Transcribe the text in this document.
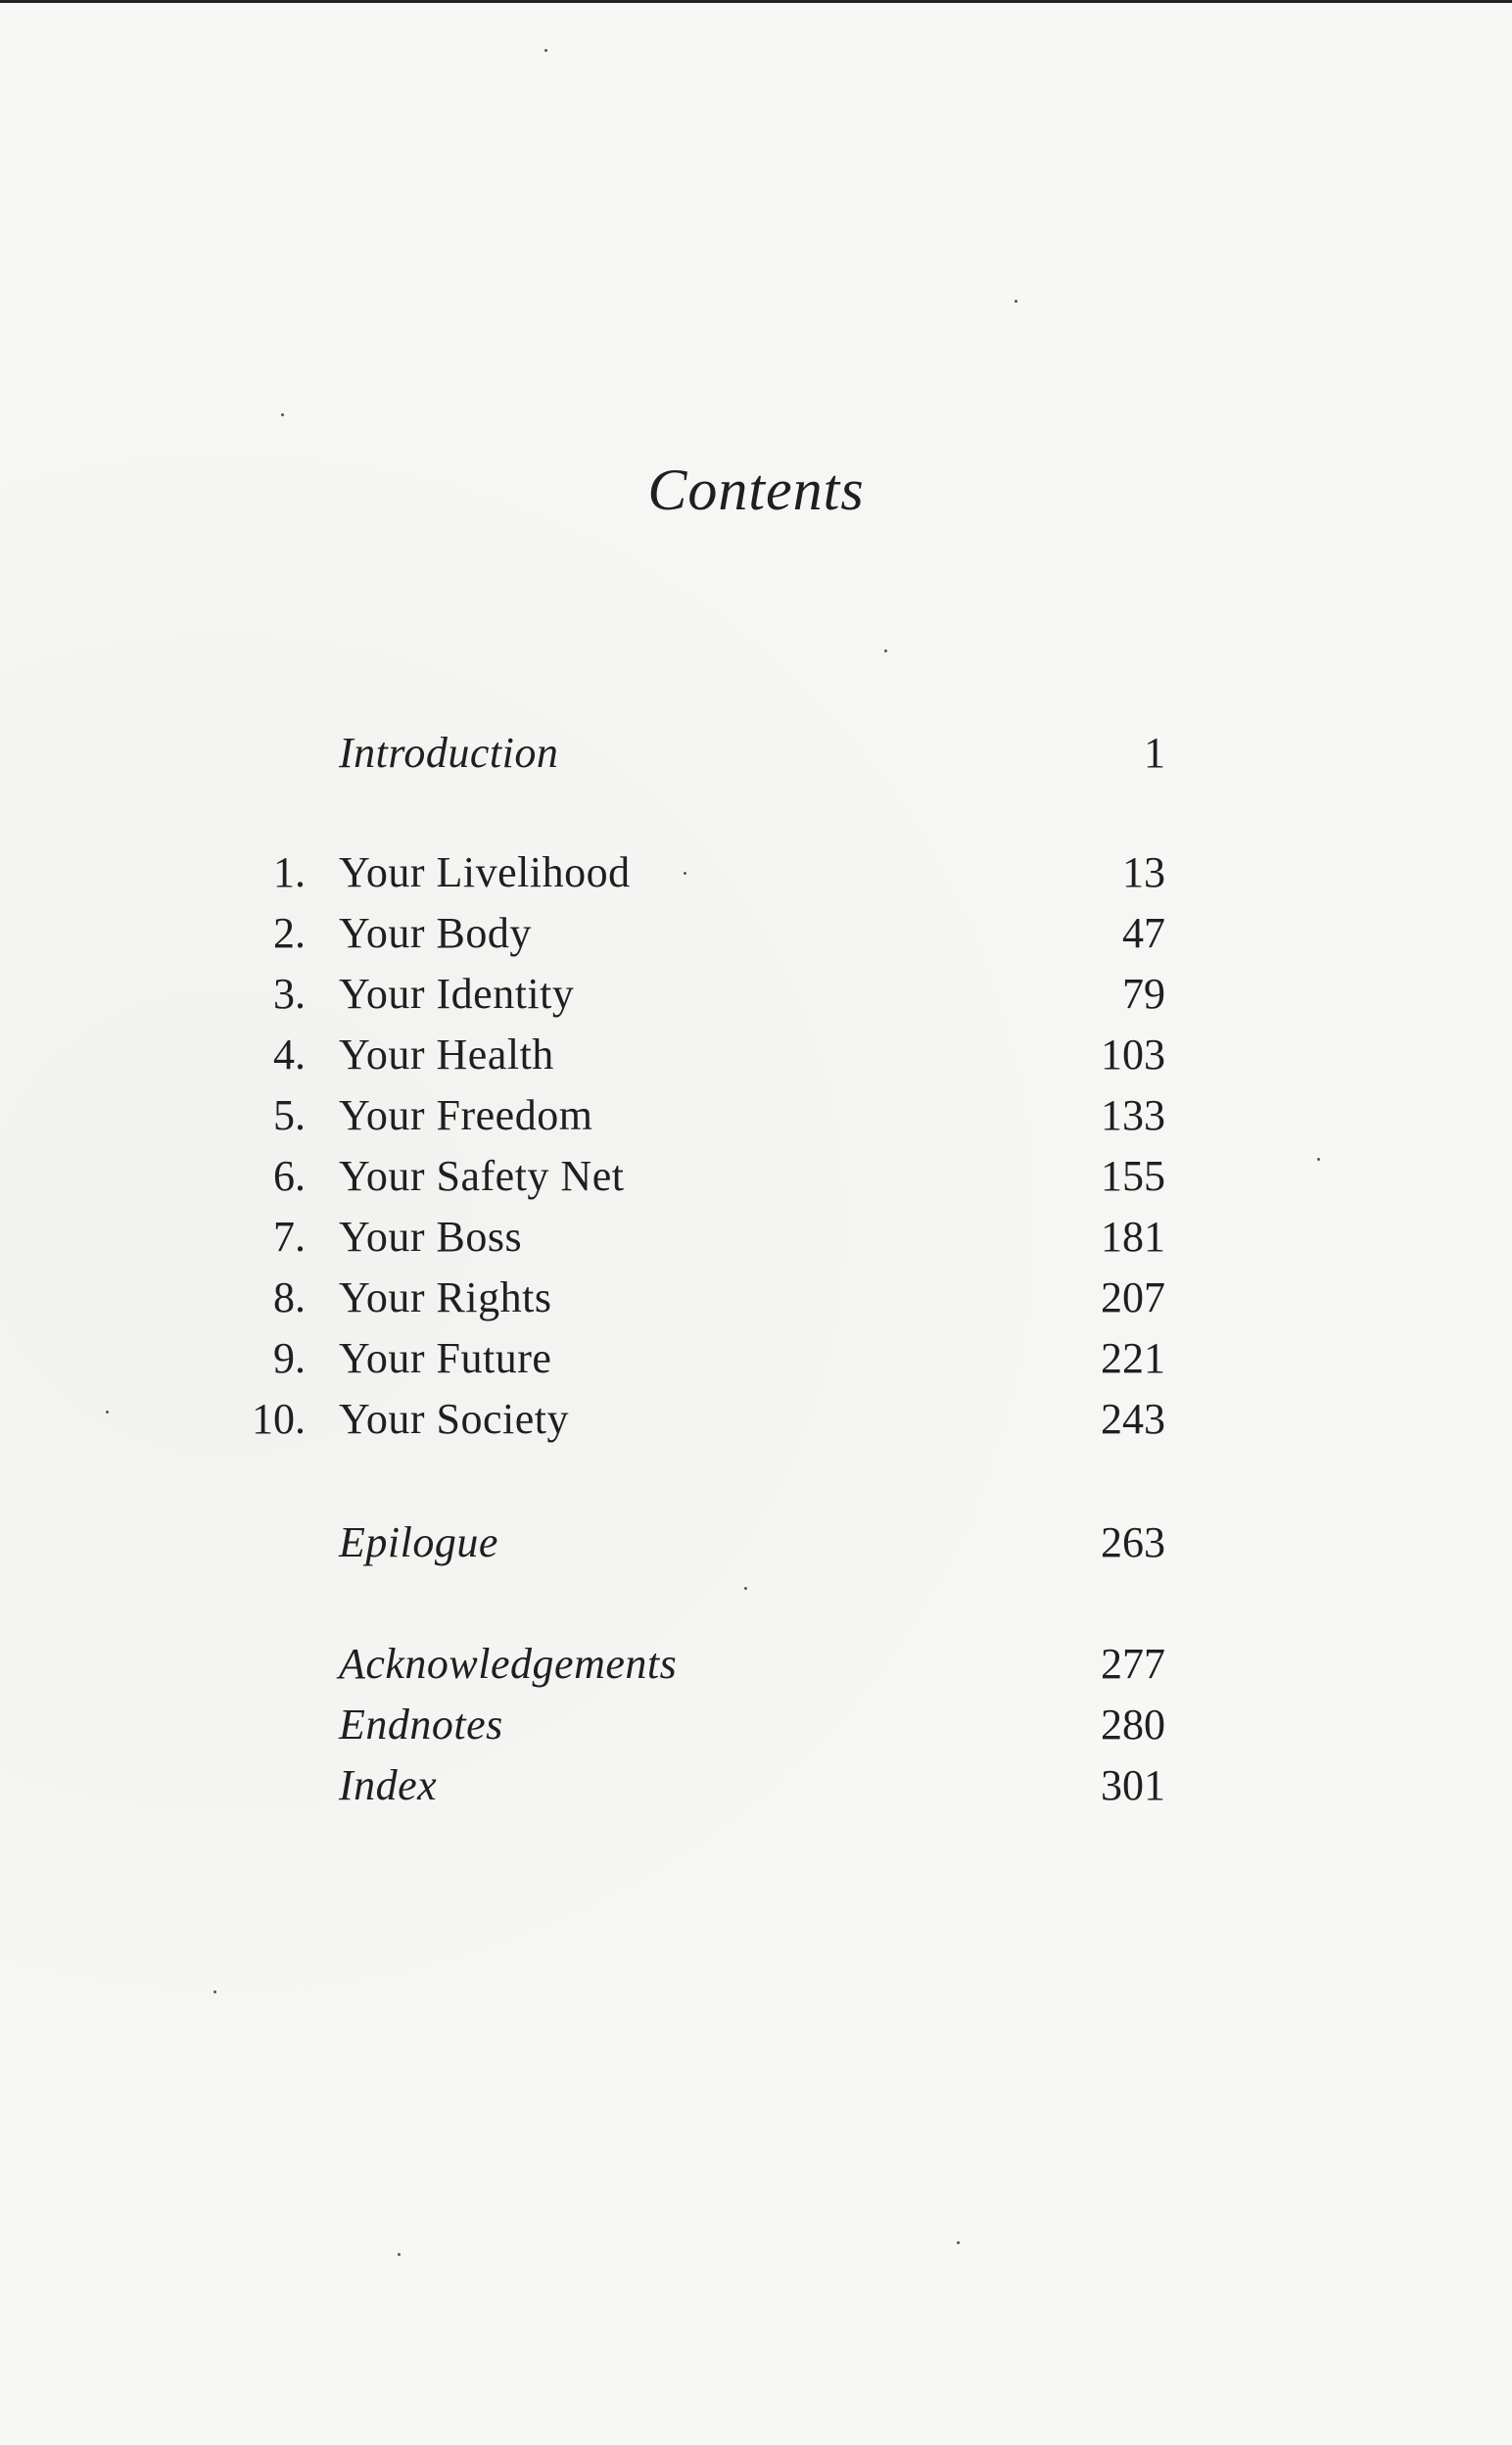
Contents
Introduction	1
1. Your Livelihood	13
2. Your Body	47
3. Your Identity	79
4. Your Health	103
5. Your Freedom	133
6. Your Safety Net	155
7. Your Boss	181
8. Your Rights	207
9. Your Future	221
10. Your Society	243
Epilogue	263
Acknowledgements	277
Endnotes	280
Index	301
